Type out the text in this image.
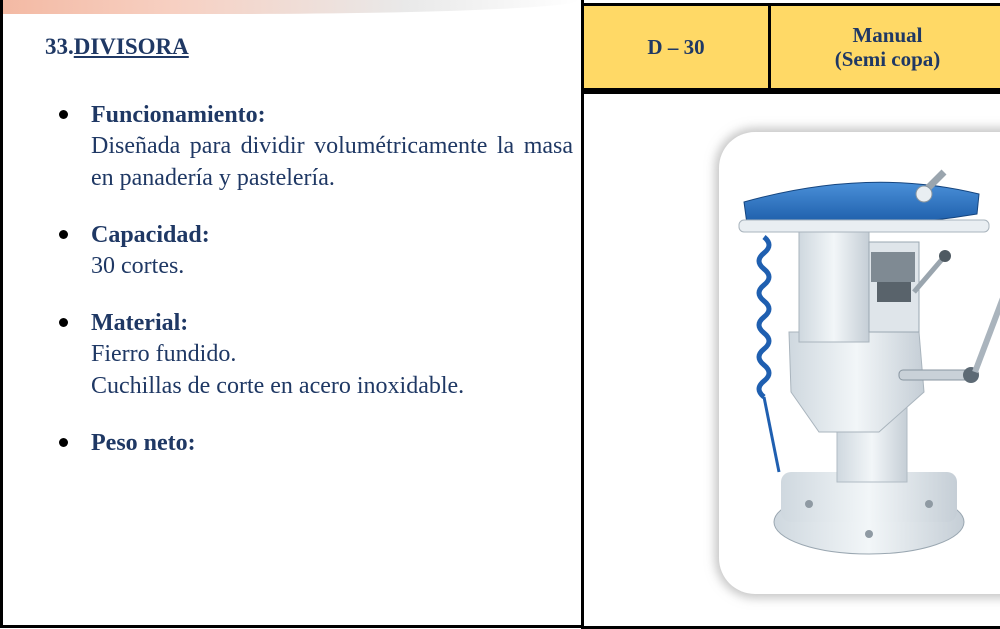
33.DIVISORA
Funcionamiento:
Diseñada para dividir volumétricamente la masa en panadería y pastelería.
Capacidad:
30 cortes.
Material:
Fierro fundido.
Cuchillas de corte en acero inoxidable.
Peso neto:
D – 30	Manual
(Semi copa)
